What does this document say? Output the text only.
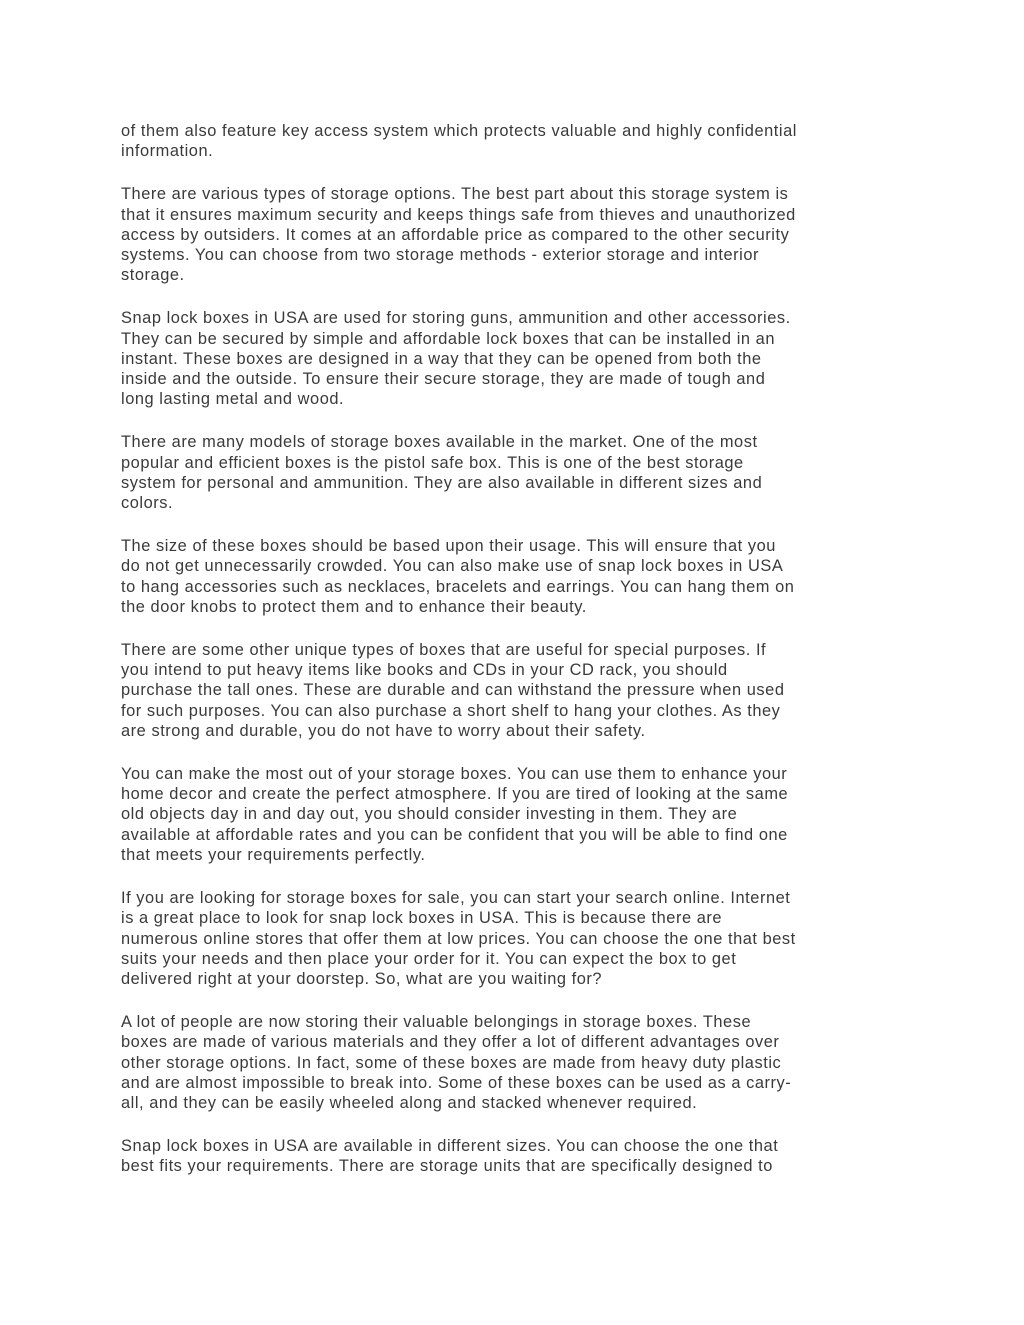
of them also feature key access system which protects valuable and highly confidential
information.

There are various types of storage options. The best part about this storage system is
that it ensures maximum security and keeps things safe from thieves and unauthorized
access by outsiders. It comes at an affordable price as compared to the other security
systems. You can choose from two storage methods - exterior storage and interior
storage.

Snap lock boxes in USA are used for storing guns, ammunition and other accessories.
They can be secured by simple and affordable lock boxes that can be installed in an
instant. These boxes are designed in a way that they can be opened from both the
inside and the outside. To ensure their secure storage, they are made of tough and
long lasting metal and wood.

There are many models of storage boxes available in the market. One of the most
popular and efficient boxes is the pistol safe box. This is one of the best storage
system for personal and ammunition. They are also available in different sizes and
colors.

The size of these boxes should be based upon their usage. This will ensure that you
do not get unnecessarily crowded. You can also make use of snap lock boxes in USA
to hang accessories such as necklaces, bracelets and earrings. You can hang them on
the door knobs to protect them and to enhance their beauty.

There are some other unique types of boxes that are useful for special purposes. If
you intend to put heavy items like books and CDs in your CD rack, you should
purchase the tall ones. These are durable and can withstand the pressure when used
for such purposes. You can also purchase a short shelf to hang your clothes. As they
are strong and durable, you do not have to worry about their safety.

You can make the most out of your storage boxes. You can use them to enhance your
home decor and create the perfect atmosphere. If you are tired of looking at the same
old objects day in and day out, you should consider investing in them. They are
available at affordable rates and you can be confident that you will be able to find one
that meets your requirements perfectly.

If you are looking for storage boxes for sale, you can start your search online. Internet
is a great place to look for snap lock boxes in USA. This is because there are
numerous online stores that offer them at low prices. You can choose the one that best
suits your needs and then place your order for it. You can expect the box to get
delivered right at your doorstep. So, what are you waiting for?

A lot of people are now storing their valuable belongings in storage boxes. These
boxes are made of various materials and they offer a lot of different advantages over
other storage options. In fact, some of these boxes are made from heavy duty plastic
and are almost impossible to break into. Some of these boxes can be used as a carry-
all, and they can be easily wheeled along and stacked whenever required.

Snap lock boxes in USA are available in different sizes. You can choose the one that
best fits your requirements. There are storage units that are specifically designed to
